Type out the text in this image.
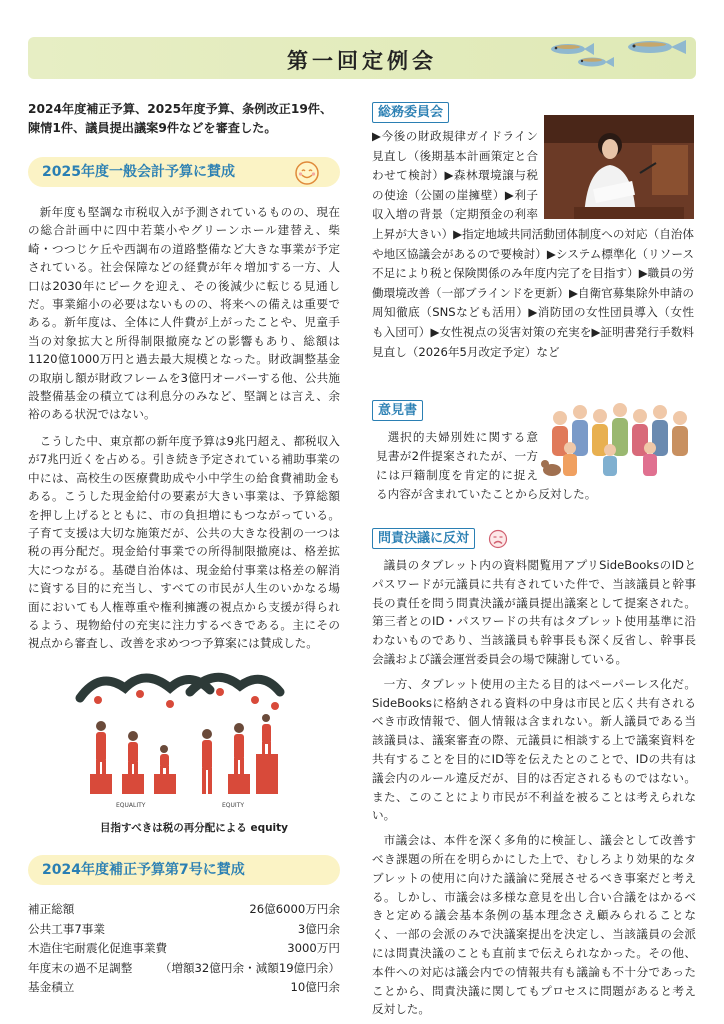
第一回定例会

2024年度補正予算、2025年度予算、条例改正19件、

陳情1件、議員提出議案9件などを審査した。

2025年度一般会計予算に賛成

新年度も堅調な市税収入が予測されているものの、現在の総合計画中に四中若葉小やグリーンホール建替え、柴崎・つつじケ丘や西調布の道路整備など大きな事業が予定されている。社会保障などの経費が年々増加する一方、人口は2030年にピークを迎え、その後減少に転じる見通しだ。事業縮小の必要はないものの、将来への備えは重要である。新年度は、全体に人件費が上がったことや、児童手当の対象拡大と所得制限撤廃などの影響もあり、総額は1120億1000万円と過去最大規模となった。財政調整基金の取崩し額が財政フレームを3億円オーバーする他、公共施設整備基金の積立ては利息分のみなど、堅調とは言え、余裕のある状況ではない。

こうした中、東京都の新年度予算は9兆円超え、都税収入が7兆円近くを占める。引き続き予定されている補助事業の中には、高校生の医療費助成や小中学生の給食費補助金もある。こうした現金給付の要素が大きい事業は、予算総額を押し上げるとともに、市の負担増にもつながっている。子育て支援は大切な施策だが、公共の大きな役割の一つは税の再分配だ。現金給付事業での所得制限撤廃は、格差拡大につながる。基礎自治体は、現金給付事業は格差の解消に資する目的に充当し、すべての市民が人生のいかなる場面においても人権尊重や権利擁護の視点から支援が得られるよう、現物給付の充実に注力するべきである。主にその視点から審査し、改善を求めつつ予算案には賛成した。

EQUALITY	EQUITY
目指すべきは税の再分配による equity
2024年度補正予算第7号に賛成
補正総額	26億6000万円余
公共工事7事業	3億円余
木造住宅耐震化促進事業費	3000万円
年度末の過不足調整 （増額32億円余・減額19億円余）
基金積立	10億円余
総務委員会

▶今後の財政規律ガイドライン見直し（後期基本計画策定と合わせて検討）▶森林環境譲与税の使途（公園の崖擁壁）▶利子収入増の背景（定期預金の利率上昇が大きい）▶指定地域共同活動団体制度への対応（自治体や地区協議会があるので要検討）▶システム標準化（リソース不足により税と保険関係のみ年度内完了を目指す）▶職員の労働環境改善（一部ブラインドを更新）▶自衛官募集除外申請の周知徹底（SNSなども活用）▶消防団の女性団員導入（女性も入団可）▶女性視点の災害対策の充実を▶証明書発行手数料見直し（2026年5月改定予定）など

意見書

選択的夫婦別姓に関する意見書が2件提案されたが、一方には戸籍制度を肯定的に捉える内容が含まれていたことから反対した。

問責決議に反対

議員のタブレット内の資料閲覧用アプリSideBooksのIDとパスワードが元議員に共有されていた件で、当該議員と幹事長の責任を問う問責決議が議員提出議案として提案された。第三者とのID・パスワードの共有はタブレット使用基準に沿わないものであり、当該議員も幹事長も深く反省し、幹事長会議および議会運営委員会の場で陳謝している。

一方、タブレット使用の主たる目的はペーパーレス化だ。SideBooksに格納される資料の中身は市民と広く共有されるべき市政情報で、個人情報は含まれない。新人議員である当該議員は、議案審査の際、元議員に相談する上で議案資料を共有することを目的にID等を伝えたとのことで、IDの共有は議会内のルール違反だが、目的は否定されるものではない。また、このことにより市民が不利益を被ることは考えられない。

市議会は、本件を深く多角的に検証し、議会として改善すべき課題の所在を明らかにした上で、むしろより効果的なタブレットの使用に向けた議論に発展させるべき事案だと考える。しかし、市議会は多様な意見を出し合い合議をはかるべきと定める議会基本条例の基本理念さえ顧みられることなく、一部の会派のみで決議案提出を決定し、当該議員の会派には問責決議のことも直前まで伝えられなかった。その他、本件への対応は議会内での情報共有も議論も不十分であったことから、問責決議に関してもプロセスに問題があると考え反対した。
